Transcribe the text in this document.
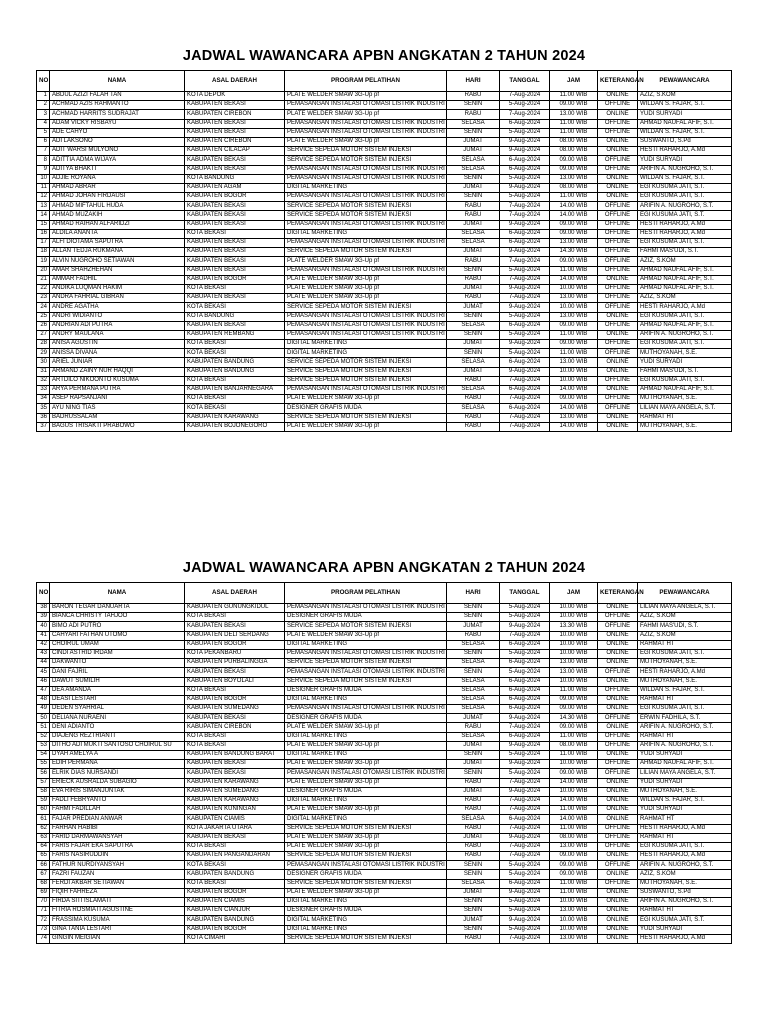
JADWAL WAWANCARA APBN ANGKATAN 2 TAHUN 2024
NO	NAMA	ASAL DAERAH	PROGRAM PELATIHAN	HARI	TANGGAL	JAM	KETERANGAN	PEWAWANCARA
1	ABDUL AZIZI FALAH TAN	KOTA DEPOK	PLATE WELDER SMAW 3G-Up pf	RABU	7-Aug-2024	11.00 WIB	ONLINE	AZIZ, S.KOM
2	ACHMAD AZIS RAHMANTO	KABUPATEN BEKASI	PEMASANGAN INSTALASI OTOMASI LISTRIK INDUSTRI	SENIN	5-Aug-2024	09.00 WIB	OFFLINE	WILDAN S. FAJAR, S.T.
3	ACHMAD HARRITS SUDRAJAT	KABUPATEN CIREBON	PLATE WELDER SMAW 3G-Up pf	RABU	7-Aug-2024	13.00 WIB	ONLINE	YUDI SURYADI
4	ADAM VICKY RISBAYU	KABUPATEN BEKASI	PEMASANGAN INSTALASI OTOMASI LISTRIK INDUSTRI	SELASA	6-Aug-2024	11.00 WIB	OFFLINE	AHMAD NAUFAL AFIF, S.T.
5	ADE CAHYO	KABUPATEN BEKASI	PEMASANGAN INSTALASI OTOMASI LISTRIK INDUSTRI	SENIN	5-Aug-2024	11.00 WIB	OFFLINE	WILDAN S. FAJAR, S.T.
6	ADI LAKSONO	KABUPATEN CIREBON	PLATE WELDER SMAW 3G-Up pf	JUMAT	9-Aug-2024	08.00 WIB	ONLINE	SUSWANTO, S.Pd
7	ADIT WARSI MULYONO	KABUPATEN CILACAP	SERVICE SEPEDA MOTOR SISTEM INJEKSI	JUMAT	9-Aug-2024	08.00 WIB	ONLINE	HESTI RAHARJO, A.Md
8	ADITTIA ADMA WIJAYA	KABUPATEN BEKASI	SERVICE SEPEDA MOTOR SISTEM INJEKSI	SELASA	6-Aug-2024	09.00 WIB	OFFLINE	YUDI SURYADI
9	ADITYA BHAKTI	KABUPATEN BEKASI	PEMASANGAN INSTALASI OTOMASI LISTRIK INDUSTRI	SELASA	6-Aug-2024	09.00 WIB	OFFLINE	ARIFIN A. NUGROHO, S.T.
10	ADJIE ROYANA	KOTA BANDUNG	PEMASANGAN INSTALASI OTOMASI LISTRIK INDUSTRI	SENIN	5-Aug-2024	13.00 WIB	ONLINE	WILDAN S. FAJAR, S.T.
11	AHMAD ABRAR	KABUPATEN AGAM	DIGITAL MARKETING	JUMAT	9-Aug-2024	08.00 WIB	ONLINE	EGI KUSUMA JATI, S.T.
12	AHMAD JOHAN FIRDAUSI	KABUPATEN BOGOR	PEMASANGAN INSTALASI OTOMASI LISTRIK INDUSTRI	SENIN	5-Aug-2024	11.00 WIB	ONLINE	EGI KUSUMA JATI, S.T.
13	AHMAD MIFTAHUL HUDA	KABUPATEN BEKASI	SERVICE SEPEDA MOTOR SISTEM INJEKSI	RABU	7-Aug-2024	14.00 WIB	OFFLINE	ARIFIN A. NUGROHO, S.T.
14	AHMAD MUZAKIH	KABUPATEN BEKASI	SERVICE SEPEDA MOTOR SISTEM INJEKSI	RABU	7-Aug-2024	14.00 WIB	OFFLINE	EGI KUSUMA JATI, S.T.
15	AHMAD RAIHAN ALFARIDZI	KABUPATEN BEKASI	PEMASANGAN INSTALASI OTOMASI LISTRIK INDUSTRI	JUMAT	9-Aug-2024	09.00 WIB	OFFLINE	HESTI RAHARJO, A.Md
16	ALDILA ANANTA	KOTA BEKASI	DIGITAL MARKETING	SELASA	6-Aug-2024	09.00 WIB	OFFLINE	HESTI RAHARJO, A.Md
17	ALFI DIOTAMA SAPUTRA	KABUPATEN BEKASI	PEMASANGAN INSTALASI OTOMASI LISTRIK INDUSTRI	SELASA	6-Aug-2024	13.00 WIB	OFFLINE	EGI KUSUMA JATI, S.T.
18	ALLAN TEDJA RUKMANA	KABUPATEN BEKASI	SERVICE SEPEDA MOTOR SISTEM INJEKSI	JUMAT	9-Aug-2024	14.30 WIB	OFFLINE	FAHMI MAS'UDI, S.T.
19	ALVIN NUGROHO SETIAWAN	KABUPATEN BEKASI	PLATE WELDER SMAW 3G-Up pf	RABU	7-Aug-2024	09.00 WIB	OFFLINE	AZIZ, S.KOM
20	AMAR SHAHZHEHAN	KABUPATEN BEKASI	PEMASANGAN INSTALASI OTOMASI LISTRIK INDUSTRI	SENIN	5-Aug-2024	11.00 WIB	OFFLINE	AHMAD NAUFAL AFIF, S.T.
21	AMMAR FADHIL	KABUPATEN BOGOR	PLATE WELDER SMAW 3G-Up pf	RABU	7-Aug-2024	14.00 WIB	ONLINE	AHMAD NAUFAL AFIF, S.T.
22	ANDIKA LUQMAN HAKIM	KOTA BEKASI	PLATE WELDER SMAW 3G-Up pf	JUMAT	9-Aug-2024	10.00 WIB	OFFLINE	AHMAD NAUFAL AFIF, S.T.
23	ANDRA FAHRIAL GIBRAN	KABUPATEN BEKASI	PLATE WELDER SMAW 3G-Up pf	RABU	7-Aug-2024	13.00 WIB	OFFLINE	AZIZ, S.KOM
24	ANDRE AGATHA	KOTA BEKASI	SERVICE SEPEDA MOTOR SISTEM INJEKSI	JUMAT	9-Aug-2024	10.00 WIB	OFFLINE	HESTI RAHARJO, A.Md
25	ANDRI WIDIANTO	KOTA BANDUNG	PEMASANGAN INSTALASI OTOMASI LISTRIK INDUSTRI	SENIN	5-Aug-2024	13.00 WIB	ONLINE	EGI KUSUMA JATI, S.T.
26	ANDRIAN ADI PUTRA	KABUPATEN BEKASI	PEMASANGAN INSTALASI OTOMASI LISTRIK INDUSTRI	SELASA	6-Aug-2024	09.00 WIB	OFFLINE	AHMAD NAUFAL AFIF, S.T.
27	ANDRY MAULANA	KABUPATEN REMBANG	PEMASANGAN INSTALASI OTOMASI LISTRIK INDUSTRI	SENIN	5-Aug-2024	11.00 WIB	ONLINE	ARIFIN A. NUGROHO, S.T.
28	ANISA AGUSTIN	KOTA BEKASI	DIGITAL MARKETING	JUMAT	9-Aug-2024	09.00 WIB	OFFLINE	EGI KUSUMA JATI, S.T.
29	ANISSA DIVANA	KOTA BEKASI	DIGITAL MARKETING	SENIN	5-Aug-2024	11.00 WIB	OFFLINE	MUTHOYANAH, S.E.
30	ARIEL JUNIAR	KABUPATEN BANDUNG	SERVICE SEPEDA MOTOR SISTEM INJEKSI	SELASA	6-Aug-2024	13.00 WIB	ONLINE	YUDI SURYADI
31	ARMAND ZAINY NUR HAQQI	KABUPATEN BANDUNG	SERVICE SEPEDA MOTOR SISTEM INJEKSI	JUMAT	9-Aug-2024	10.00 WIB	ONLINE	FAHMI MAS'UDI, S.T.
32	ARTDILO NIKOONTO KUSUMA	KOTA BEKASI	SERVICE SEPEDA MOTOR SISTEM INJEKSI	RABU	7-Aug-2024	10.00 WIB	OFFLINE	EGI KUSUMA JATI, S.T.
33	ARYA PERMANA PUTRA	KABUPATEN BANJARNEGARA	PEMASANGAN INSTALASI OTOMASI LISTRIK INDUSTRI	SELASA	6-Aug-2024	14.00 WIB	ONLINE	AHMAD NAUFAL AFIF, S.T.
34	ASEP RAPSANJANI	KOTA BEKASI	PLATE WELDER SMAW 3G-Up pf	RABU	7-Aug-2024	09.00 WIB	OFFLINE	MUTHOYANAH, S.E.
35	AYU NING TIAS	KOTA BEKASI	DESIGNER GRAFIS MUDA	SELASA	6-Aug-2024	14.00 WIB	OFFLINE	LILIAN MAYA ANGELA, S.T.
36	BADRUSSALAM	KABUPATEN KARAWANG	SERVICE SEPEDA MOTOR SISTEM INJEKSI	RABU	7-Aug-2024	13.00 WIB	ONLINE	RAHMAT HT
37	BAGUS TRISAKTI PRABOWO	KABUPATEN BOJONEGORO	PLATE WELDER SMAW 3G-Up pf	RABU	7-Aug-2024	14.00 WIB	ONLINE	MUTHOYANAH, S.E.
JADWAL WAWANCARA APBN ANGKATAN 2 TAHUN 2024
NO	NAMA	ASAL DAERAH	PROGRAM PELATIHAN	HARI	TANGGAL	JAM	KETERANGAN	PEWAWANCARA
38	BARON TEGAR DANUARTA	KABUPATEN GUNUNGKIDUL	PEMASANGAN INSTALASI OTOMASI LISTRIK INDUSTRI	SENIN	5-Aug-2024	10.00 WIB	ONLINE	LILIAN MAYA ANGELA, S.T.
39	BIANCA CHRISTY TAHJOO	KOTA BEKASI	DESIGNER GRAFIS MUDA	SENIN	5-Aug-2024	10.00 WIB	OFFLINE	AZIZ, S.KOM
40	BIMO ADI PUTRO	KABUPATEN BEKASI	SERVICE SEPEDA MOTOR SISTEM INJEKSI	JUMAT	9-Aug-2024	13.30 WIB	OFFLINE	FAHMI MAS'UDI, S.T.
41	CAHYARI FATHAN UTOMO	KABUPATEN DELI SERDANG	PLATE WELDER SMAW 3G-Up pf	RABU	7-Aug-2024	10.00 WIB	ONLINE	AZIZ, S.KOM
42	CHOIRUL UMAM	KABUPATEN BOGOR	DIGITAL MARKETING	SELASA	6-Aug-2024	10.00 WIB	ONLINE	RAHMAT HT
43	CINDI ASTRID IRDAM	KOTA PEKANBARU	PEMASANGAN INSTALASI OTOMASI LISTRIK INDUSTRI	SENIN	5-Aug-2024	10.00 WIB	ONLINE	EGI KUSUMA JATI, S.T.
44	DAKWANTO	KABUPATEN PURBALINGGA	SERVICE SEPEDA MOTOR SISTEM INJEKSI	SELASA	6-Aug-2024	13.00 WIB	ONLINE	MUTHOYANAH, S.E.
45	DANI FAJRIL	KABUPATEN BEKASI	PEMASANGAN INSTALASI OTOMASI LISTRIK INDUSTRI	SENIN	5-Aug-2024	13.00 WIB	OFFLINE	HESTI RAHARJO, A.Md
46	DAWUT SUMILIH	KABUPATEN BOYOLALI	SERVICE SEPEDA MOTOR SISTEM INJEKSI	SELASA	6-Aug-2024	10.00 WIB	ONLINE	MUTHOYANAH, S.E.
47	DEA AMANDA	KOTA BEKASI	DESIGNER GRAFIS MUDA	SELASA	6-Aug-2024	11.00 WIB	OFFLINE	WILDAN S. FAJAR, S.T.
48	DEASI LESTARI	KABUPATEN BOGOR	DIGITAL MARKETING	SELASA	6-Aug-2024	09.00 WIB	ONLINE	RAHMAT HT
49	DEDEN SYAHRIAL	KABUPATEN SUMEDANG	PEMASANGAN INSTALASI OTOMASI LISTRIK INDUSTRI	SELASA	6-Aug-2024	09.00 WIB	ONLINE	EGI KUSUMA JATI, S.T.
50	DELIANA NURAENI	KABUPATEN BEKASI	DESIGNER GRAFIS MUDA	JUMAT	9-Aug-2024	14.30 WIB	OFFLINE	ERWIN FADHILA, S.T.
51	DENI ADIANTO	KABUPATEN CIREBON	PLATE WELDER SMAW 3G-Up pf	RABU	7-Aug-2024	09.00 WIB	ONLINE	ARIFIN A. NUGROHO, S.T.
52	DIAJENG REZTRIANTI	KOTA BEKASI	DIGITAL MARKETING	SELASA	6-Aug-2024	11.00 WIB	OFFLINE	RAHMAT HT
53	DITHO ADI MUKTI SANTOSO CHOIRUL SU	KOTA BEKASI	PLATE WELDER SMAW 3G-Up pf	JUMAT	9-Aug-2024	08.00 WIB	OFFLINE	ARIFIN A. NUGROHO, S.T.
54	DYAH AMELYA A	KABUPATEN BANDUNG BARAT	DIGITAL MARKETING	SENIN	5-Aug-2024	11.00 WIB	ONLINE	YUDI SURYADI
55	EDIH PERMANA	KABUPATEN BEKASI	PLATE WELDER SMAW 3G-Up pf	JUMAT	9-Aug-2024	10.00 WIB	OFFLINE	AHMAD NAUFAL AFIF, S.T.
56	ELRIK DIAS NURSANDI	KABUPATEN BEKASI	PEMASANGAN INSTALASI OTOMASI LISTRIK INDUSTRI	SENIN	5-Aug-2024	09.00 WIB	OFFLINE	LILIAN MAYA ANGELA, S.T.
57	ERIECK AUSRALDA SUBAGIO	KABUPATEN KARAWANG	PLATE WELDER SMAW 3G-Up pf	RABU	7-Aug-2024	14.00 WIB	ONLINE	YUDI SURYADI
58	EVA RIRIS SIMANJUNTAK	KABUPATEN SUMEDANG	DESIGNER GRAFIS MUDA	JUMAT	9-Aug-2024	10.00 WIB	ONLINE	MUTHOYANAH, S.E.
59	FADLI FEBRYANTO	KABUPATEN KARAWANG	DIGITAL MARKETING	RABU	7-Aug-2024	14.00 WIB	ONLINE	WILDAN S. FAJAR, S.T.
60	FAHMI FADILLAH	KABUPATEN KUNINGAN	PLATE WELDER SMAW 3G-Up pf	RABU	7-Aug-2024	11.00 WIB	ONLINE	YUDI SURYADI
61	FAJAR PREDIAN ANWAR	KABUPATEN CIAMIS	DIGITAL MARKETING	SELASA	6-Aug-2024	14.00 WIB	ONLINE	RAHMAT HT
62	FARHAN HABIBI	KOTA JAKARTA UTARA	SERVICE SEPEDA MOTOR SISTEM INJEKSI	RABU	7-Aug-2024	11.00 WIB	OFFLINE	HESTI RAHARJO, A.Md
63	FARID DARMAWANSYAH	KABUPATEN BEKASI	PLATE WELDER SMAW 3G-Up pf	JUMAT	9-Aug-2024	08.00 WIB	OFFLINE	RAHMAT HT
64	FARIS FAJAR EKA SAPUTRA	KOTA BEKASI	PLATE WELDER SMAW 3G-Up pf	RABU	7-Aug-2024	13.00 WIB	OFFLINE	EGI KUSUMA JATI, S.T.
65	FARIS NASIRUDDIN	KABUPATEN PANGANDARAN	SERVICE SEPEDA MOTOR SISTEM INJEKSI	RABU	7-Aug-2024	09.00 WIB	ONLINE	HESTI RAHARJO, A.Md
66	FATHUR NURDIYANSYAH	KOTA BEKASI	PEMASANGAN INSTALASI OTOMASI LISTRIK INDUSTRI	SENIN	5-Aug-2024	09.00 WIB	OFFLINE	ARIFIN A. NUGROHO, S.T.
67	FAZRI FAUZAN	KABUPATEN BANDUNG	DESIGNER GRAFIS MUDA	SENIN	5-Aug-2024	09.00 WIB	ONLINE	AZIZ, S.KOM
68	FERDI AKBAR SETIAWAN	KOTA BEKASI	SERVICE SEPEDA MOTOR SISTEM INJEKSI	SELASA	6-Aug-2024	11.00 WIB	OFFLINE	MUTHOYANAH, S.E.
69	FIQIH FAHREZA	KABUPATEN BOGOR	PLATE WELDER SMAW 3G-Up pf	JUMAT	9-Aug-2024	11.00 WIB	ONLINE	SUSWANTO, S.Pd
70	FIRDA SITI ISLAMATI	KABUPATEN CIAMIS	DIGITAL MARKETING	SENIN	5-Aug-2024	10.00 WIB	ONLINE	ARIFIN A. NUGROHO, S.T.
71	FITRIA ROSMIATI AGUSTINE	KABUPATEN CIANJUR	DESIGNER GRAFIS MUDA	SENIN	5-Aug-2024	13.00 WIB	ONLINE	RAHMAT HT
72	FRASSIMA KUSUMA	KABUPATEN BANDUNG	DIGITAL MARKETING	JUMAT	9-Aug-2024	10.00 WIB	ONLINE	EGI KUSUMA JATI, S.T.
73	GINA TANIA LESTARI	KABUPATEN BOGOR	DIGITAL MARKETING	SENIN	5-Aug-2024	10.00 WIB	ONLINE	YUDI SURYADI
74	GINGIN MEIGIAN	KOTA CIMAHI	SERVICE SEPEDA MOTOR SISTEM INJEKSI	RABU	7-Aug-2024	13.00 WIB	ONLINE	HESTI RAHARJO, A.Md
